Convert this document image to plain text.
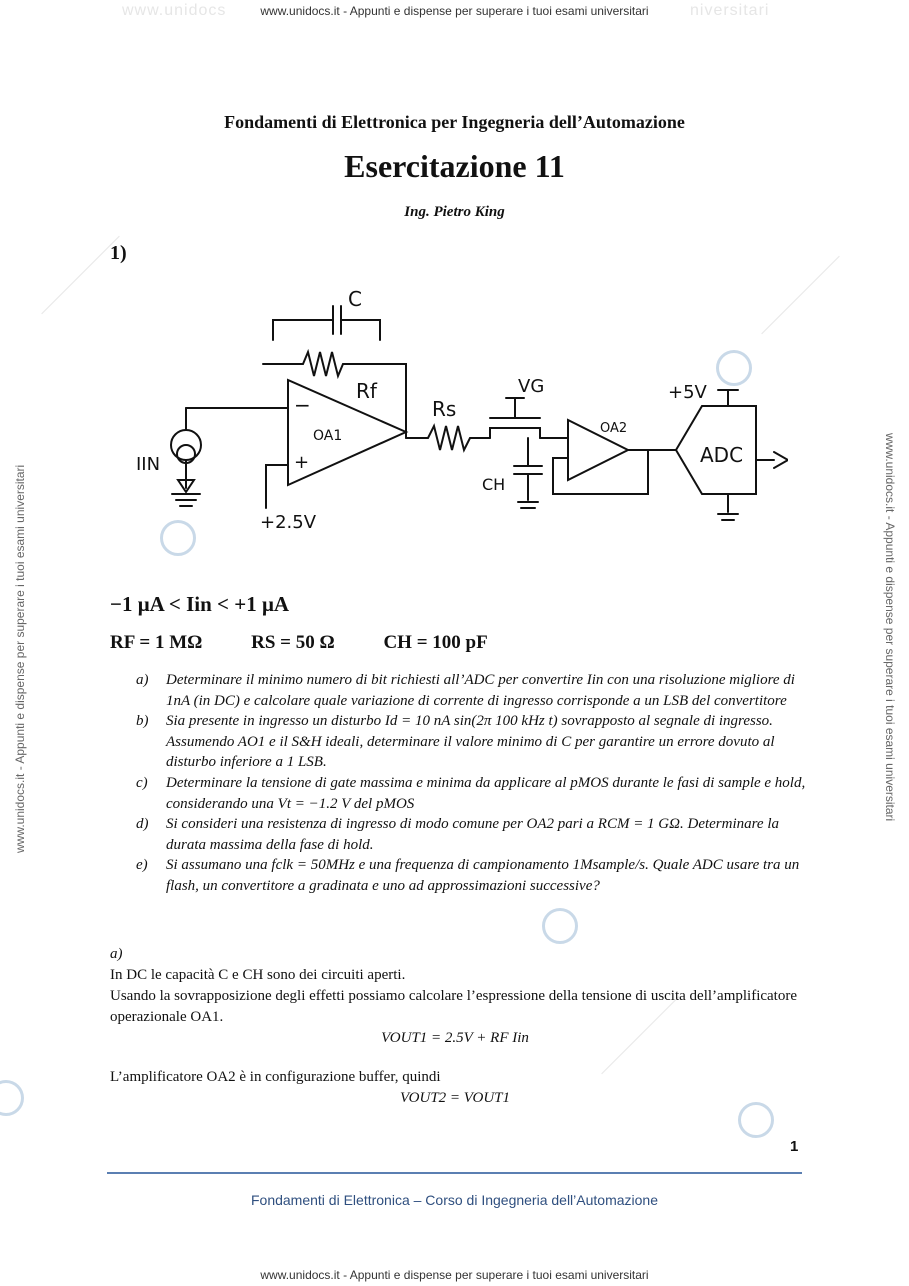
www.unidocs	niversitari
www.unidocs.it - Appunti e dispense per superare i tuoi esami universitari
www.unidocs.it - Appunti e dispense per superare i tuoi esami universitari
www.unidocs.it - Appunti e dispense per superare i tuoi esami universitari	www.unidocs.it - Appunti e dispense per superare i tuoi esami universitari
Fondamenti di Elettronica per Ingegneria dell’Automazione
Esercitazione 11
Ing. Pietro King
1)
C
Rf
OA1
−
+
IIN
+2.5V
Rs
VG
CH
OA2
+5V
ADC
−1 μA < Iin < +1 μA
RF = 1 MΩ	RS = 50 Ω	CH = 100 pF
a)	Determinare il minimo numero di bit richiesti all’ADC per convertire Iin con una risoluzione migliore di 1nA (in DC) e calcolare quale variazione di corrente di ingresso corrisponde a un LSB del convertitore
b)	Sia presente in ingresso un disturbo Id = 10 nA sin(2π 100 kHz t) sovrapposto al segnale di ingresso. Assumendo AO1 e il S&H ideali, determinare il valore minimo di C per garantire un errore dovuto al disturbo inferiore a 1 LSB.
c)	Determinare la tensione di gate massima e minima da applicare al pMOS durante le fasi di sample e hold, considerando una Vt = −1.2 V del pMOS
d)	Si consideri una resistenza di ingresso di modo comune per OA2 pari a RCM = 1 GΩ. Determinare la durata massima della fase di hold.
e)	Si assumano una fclk = 50MHz e una frequenza di campionamento 1Msample/s. Quale ADC usare tra un flash, un convertitore a gradinata e uno ad approssimazioni successive?
a)
In DC le capacità C e CH sono dei circuiti aperti.
Usando la sovrapposizione degli effetti possiamo calcolare l’espressione della tensione di uscita dell’amplificatore operazionale OA1.
VOUT1 = 2.5V + RF Iin
L’amplificatore OA2 è in configurazione buffer, quindi
VOUT2 = VOUT1
1
Fondamenti di Elettronica – Corso di Ingegneria dell’Automazione
